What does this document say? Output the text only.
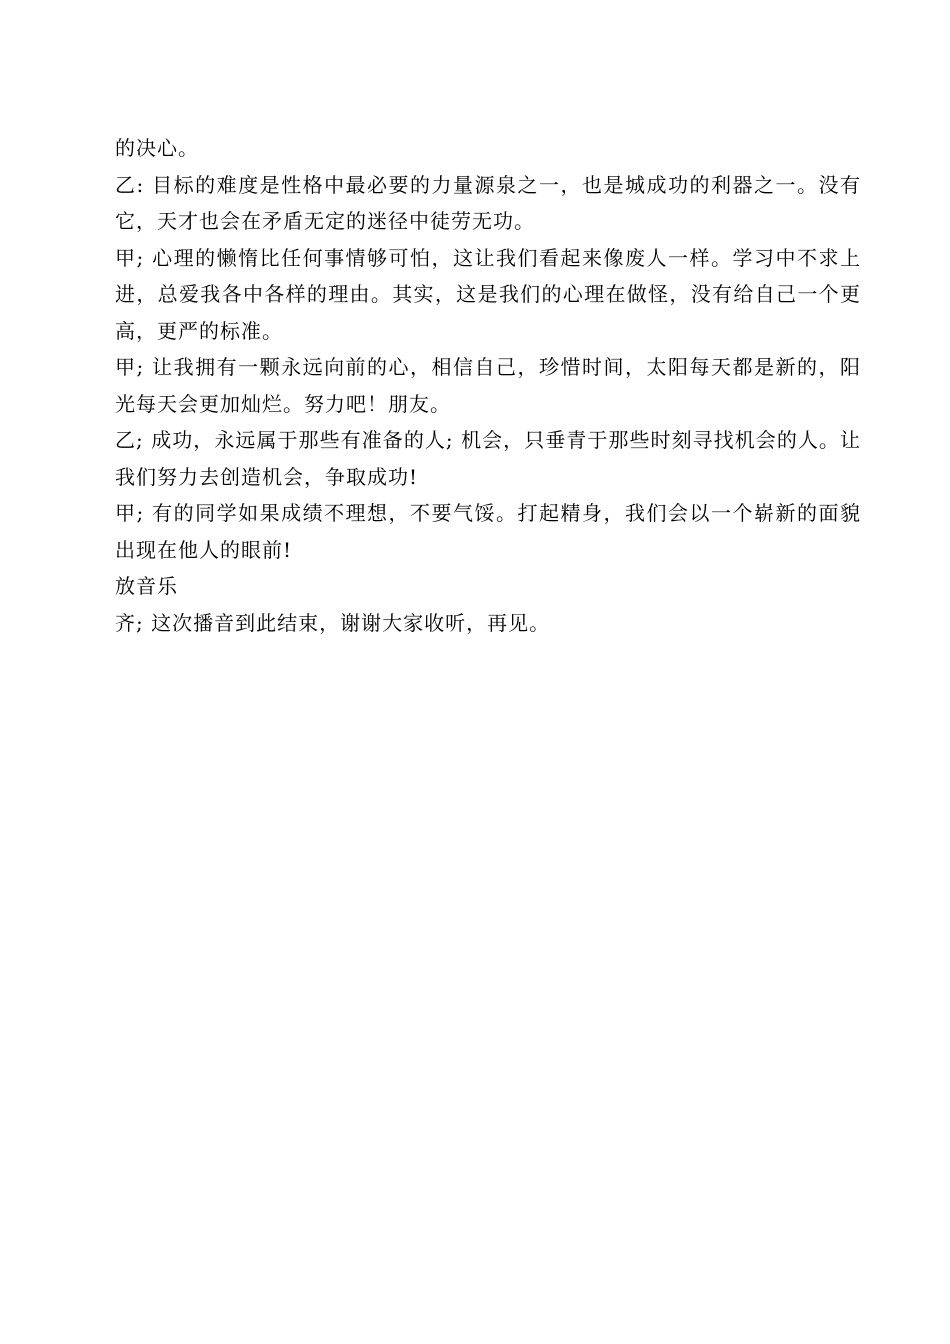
的决心。

乙: 目标的难度是性格中最必要的力量源泉之一，也是城成功的利器之一。没有它，天才也会在矛盾无定的迷径中徒劳无功。

甲; 心理的懒惰比任何事情够可怕，这让我们看起来像废人一样。学习中不求上进，总爱我各中各样的理由。其实，这是我们的心理在做怪，没有给自己一个更高，更严的标准。

甲; 让我拥有一颗永远向前的心，相信自己，珍惜时间，太阳每天都是新的，阳光每天会更加灿烂。努力吧！朋友。

乙; 成功，永远属于那些有准备的人; 机会，只垂青于那些时刻寻找机会的人。让我们努力去创造机会，争取成功!

甲; 有的同学如果成绩不理想，不要气馁。打起精身，我们会以一个崭新的面貌出现在他人的眼前!

放音乐

齐; 这次播音到此结束，谢谢大家收听，再见。
